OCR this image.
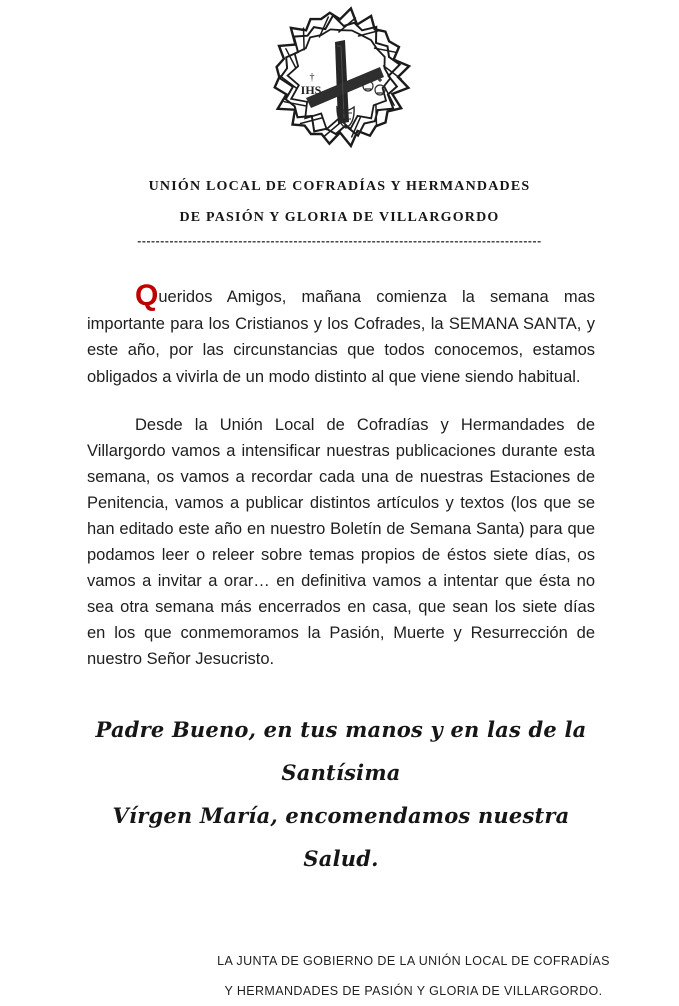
†
IHS
UNIÓN LOCAL DE COFRADÍAS Y HERMANDADES
DE PASIÓN Y GLORIA DE VILLARGORDO
----------------------------------------------------------------------------------------

Queridos Amigos, mañana comienza la semana mas importante para los Cristianos y los Cofrades, la SEMANA SANTA, y este año, por las circunstancias que todos conocemos, estamos obligados a vivirla de un modo distinto al que viene siendo habitual.

Desde la Unión Local de Cofradías y Hermandades de Villargordo vamos a intensificar nuestras publicaciones durante esta semana, os vamos a recordar cada una de nuestras Estaciones de Penitencia, vamos a publicar distintos artículos y textos (los que se han editado este año en nuestro Boletín de Semana Santa) para que podamos leer o releer sobre temas propios de éstos siete días, os vamos a invitar a orar… en definitiva vamos a intentar que ésta no sea otra semana más encerrados en casa, que sean los siete días en los que conmemoramos la Pasión, Muerte y Resurrección de nuestro Señor Jesucristo.

Padre Bueno, en tus manos y en las de la Santísima
Vírgen María, encomendamos nuestra Salud.
LA JUNTA DE GOBIERNO DE LA UNIÓN LOCAL DE COFRADÍAS
Y HERMANDADES DE PASIÓN Y GLORIA DE VILLARGORDO.
